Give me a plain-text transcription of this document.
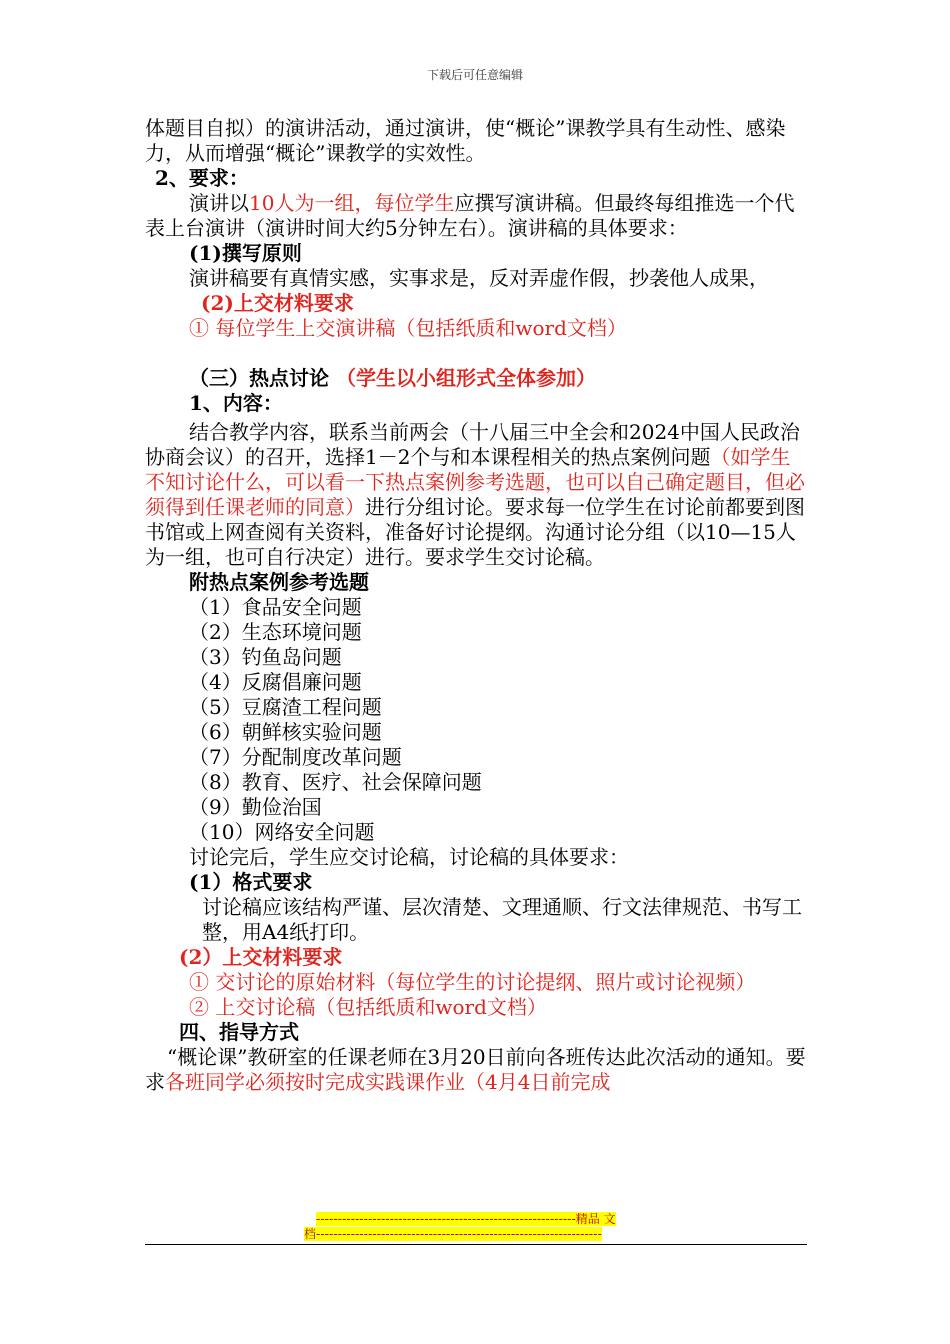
下载后可任意编辑

体题目自拟）的演讲活动，通过演讲，使“概论”课教学具有生动性、感染力，从而增强“概论”课教学的实效性。

2、要求：

演讲以10人为一组，每位学生应撰写演讲稿。但最终每组推选一个代表上台演讲（演讲时间大约5分钟左右）。演讲稿的具体要求：

(1)撰写原则

演讲稿要有真情实感，实事求是，反对弄虚作假，抄袭他人成果，

(2)上交材料要求

① 每位学生上交演讲稿（包括纸质和word文档）

（三）热点讨论 （学生以小组形式全体参加）

1、内容：

结合教学内容，联系当前两会（十八届三中全会和2024中国人民政治协商会议）的召开，选择1－2个与和本课程相关的热点案例问题（如学生不知讨论什么，可以看一下热点案例参考选题，也可以自己确定题目，但必须得到任课老师的同意）进行分组讨论。要求每一位学生在讨论前都要到图书馆或上网查阅有关资料，准备好讨论提纲。沟通讨论分组（以10—15人为一组，也可自行决定）进行。要求学生交讨论稿。

附热点案例参考选题

（1）食品安全问题

（2）生态环境问题

（3）钓鱼岛问题

（4）反腐倡廉问题

（5）豆腐渣工程问题

（6）朝鲜核实验问题

（7）分配制度改革问题

（8）教育、医疗、社会保障问题

（9）勤俭治国

（10）网络安全问题

讨论完后，学生应交讨论稿，讨论稿的具体要求：

(1）格式要求

讨论稿应该结构严谨、层次清楚、文理通顺、行文法律规范、书写工整，用A4纸打印。

(2）上交材料要求

① 交讨论的原始材料（每位学生的讨论提纲、照片或讨论视频）

② 上交讨论稿（包括纸质和word文档）

四、指导方式

“概论课”教研室的任课老师在3月20日前向各班传达此次活动的通知。要求各班同学必须按时完成实践课作业（4月4日前完成

------------------------------------------------------------精品 文
档------------------------------------------------------------------
